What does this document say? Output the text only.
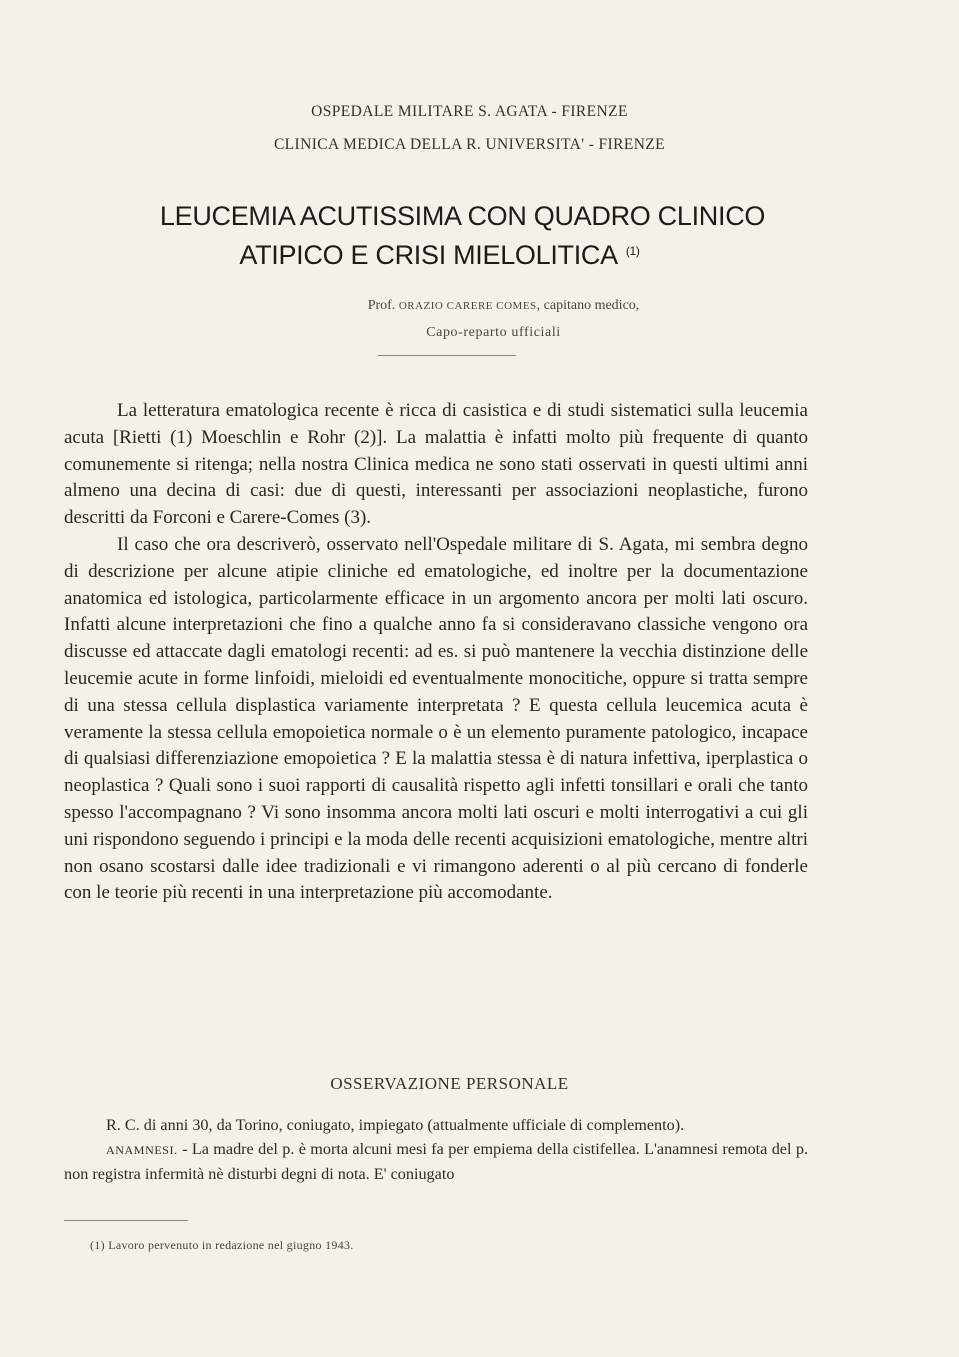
OSPEDALE MILITARE S. AGATA - FIRENZE
CLINICA MEDICA DELLA R. UNIVERSITA' - FIRENZE
LEUCEMIA ACUTISSIMA CON QUADRO CLINICO
ATIPICO E CRISI MIELOLITICA $^{(1)}$
Prof. ORAZIO CARERE COMES, capitano medico,
Capo-reparto ufficiali

La letteratura ematologica recente è ricca di casistica e di studi sistematici sulla leucemia acuta [Rietti (1) Moeschlin e Rohr (2)]. La malattia è infatti molto più frequente di quanto comunemente si ritenga; nella nostra Clinica medica ne sono stati osservati in questi ultimi anni almeno una decina di casi: due di questi, interessanti per associazioni neoplastiche, furono descritti da Forconi e Carere-Comes (3).

Il caso che ora descriverò, osservato nell'Ospedale militare di S. Agata, mi sembra degno di descrizione per alcune atipie cliniche ed ematologiche, ed inoltre per la documentazione anatomica ed istologica, particolarmente efficace in un argomento ancora per molti lati oscuro. Infatti alcune interpretazioni che fino a qualche anno fa si consideravano classiche vengono ora discusse ed attaccate dagli ematologi recenti: ad es. si può mantenere la vecchia distinzione delle leucemie acute in forme linfoidi, mieloidi ed eventualmente monocitiche, oppure si tratta sempre di una stessa cellula displastica variamente interpretata ? E questa cellula leucemica acuta è veramente la stessa cellula emopoietica normale o è un elemento puramente patologico, incapace di qualsiasi differenziazione emopoietica ? E la malattia stessa è di natura infettiva, iperplastica o neoplastica ? Quali sono i suoi rapporti di causalità rispetto agli infetti tonsillari e orali che tanto spesso l'accompagnano ? Vi sono insomma ancora molti lati oscuri e molti interrogativi a cui gli uni rispondono seguendo i principi e la moda delle recenti acquisizioni ematologiche, mentre altri non osano scostarsi dalle idee tradizionali e vi rimangono aderenti o al più cercano di fonderle con le teorie più recenti in una interpretazione più accomodante.

OSSERVAZIONE PERSONALE

R. C. di anni 30, da Torino, coniugato, impiegato (attualmente ufficiale di complemento).

ANAMNESI. - La madre del p. è morta alcuni mesi fa per empiema della cistifellea. L'anamnesi remota del p. non registra infermità nè disturbi degni di nota. E' coniugato

(1) Lavoro pervenuto in redazione nel giugno 1943.
